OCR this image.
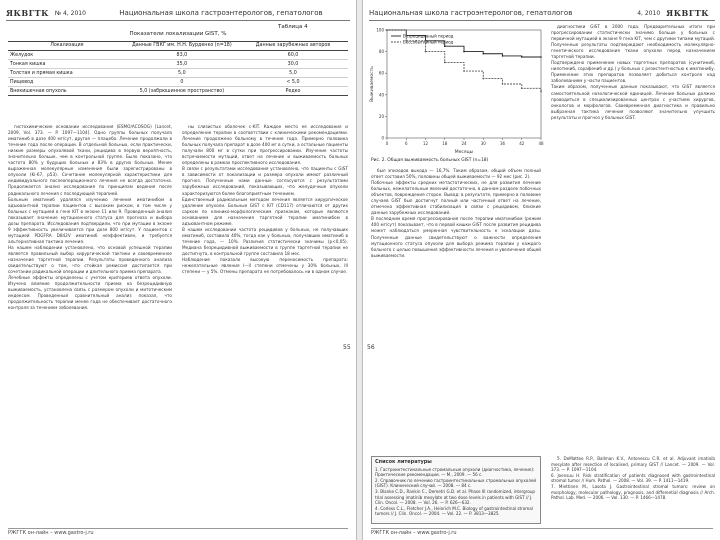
ЯКВГТК № 4, 2010	Национальная школа гастроэнтерологов, гепатологов
Таблица 4
Показатели локализации GIST, %
Локализация	Данные ГВКГ им. Н.Н. Бурденко (n=18)	Данные зарубежных авторов
Желудок	83,0	60,0
Тонкая кишка	35,0	30,0
Толстая и прямая кишка	5,0	5,0
Пищевод	0	< 5,0
Внекишечная опухоль	5,0 (забрюшинное пространство)	Редко

гистохимические основании исследования (ESMO/ACOSOG) [Lancet, 2009, Vol. 373. — P. 1097—1104]. Одно группы больных получала иматиниб в дозе 400 мг/сут, другая — плацебо. Лечение продолжали в течение года после операции. В отдельной больных, если практически, низкие размеры опухолевой ткани, рецидива в первую вероятность, значительно больше, чем в контрольной группе. Было показано, что частота 80% у будущих больных и 83% в других больных. Менее выраженная молекулярные изменения были зарегистрированы в опухоли (Ki-67, p53). Сочетание молекулярной характеристики для индивидуального послеоперационного лечения не всегда достаточна. Продолжается анализ исследования по принципам ведения после радикального лечения с последующей терапией.
Больным иматиниб удалялся изучению лечения иматинибом в адъювантной терапии пациентов с высоким риском, в том числе у больных с мутацией в гене KIT в экзоне 11 или 9. Проведенный анализ показывает значение мутационного статуса для прогноза и выбора дозы препарата. Исследования подтвердили, что при мутации в экзоне 9 эффективность увеличивается при дозе 800 мг/сут. У пациентов с мутацией PDGFRA D842V иматиниб неэффективен, и требуется альтернативная тактика лечения.
На нашем наблюдении установлено, что основой успешной терапии является правильный выбор хирургической тактики и своевременное назначение таргетной терапии. Результаты проведенного анализа свидетельствуют о том, что стойкая ремиссия достигается при сочетании радикальной операции и длительного приема препарата.
Лечебные эффекты определены с учетом критериев ответа опухоли. Изучено влияние продолжительности приема на безрецидивную выживаемость, установлена связь с размером опухоли и митотическим индексом. Проведенный сравнительный анализ показал, что продолжительность терапии менее года не обеспечивает достаточного контроля за течением заболевания.

ны слизистых оболочек с-KIT. Каждое место ее исследования и определение терапии в соответствии с клиническими рекомендациями. Лечение продолжено больному в течение года. Примерно половина больных получала препарат в дозе 400 мг в сутки, а остальные пациенты получали 800 мг в сутки при прогрессировании. Изучение частоты встречаемости мутаций, ответ на лечение и выживаемость больных определены в рамках проспективного исследования.
В связи с результатами исследования установлено, что пациенты с GIST в зависимости от локализации и размера опухоли имеют различный прогноз. Полученные нами данные согласуются с результатами зарубежных исследований, показывающих, что желудочные опухоли характеризуются более благоприятным течением.
Единственный радикальным методом лечения является хирургическое удаление опухоли. Больные GIST с KIT (CD117) отличаются от других сарком по клинико-морфологическим признакам, которые являются основанием для назначения таргетной терапии иматинибом в адъювантном режиме.
В нашем исследовании частота рецидивов у больных, не получавших иматиниб, составила 40%, тогда как у больных, получавших иматиниб в течение года, — 10%. Различия статистически значимы (p<0,05). Медиана безрецидивной выживаемости в группе таргетной терапии не достигнута, в контрольной группе составила 18 мес.
Наблюдение показало высокую переносимость препарата: нежелательные явления I—II степени отмечены у 30% больных, III степени — у 5%. Отмены препарата не потребовалось ни в одном случае.

55
РЖГГК он-лайн – www.gastro-j.ru
Национальная школа гастроэнтерологов, гепатологов	4, 2010 ЯКВГТК
0
20
40
60
80
100
0	6	12	18	24	30	36	42	48
Месяцы
Выживаемость
Безрецидивный период
Бессобытийный период
Рис. 2. Общая выживаемость больных GIST (n=18)

был эпизодов выхода — 16,7%. Таким образом, общий объем полный ответ составил 50%, половины общей выживаемости — 92 мес (рис. 2).
Побочные эффекты средних метастатических, не для развития лечение больных, нежелательные явлений достаточно, в данном разделе побочных объектов, повреждения сторон. Вывод: в результате, примерно в половине случаев GIST был достигнут полный или частичный ответ на лечение, отмечена эффективная стабилизация в связи с рецидивом, близкие данные зарубежных исследований.
В последним время прогрессирования после терапии иматинибом (режим 400 мг/сут) показывает, что в первой кишки GIST после развития рецидива может наблюдаться умеренная чувствительность к эскалации дозы. Полученные данные свидетельствуют о важности определения мутационного статуса опухоли для выбора режима терапии у каждого больного с целью повышения эффективности лечения и увеличения общей выживаемости.

диагностики GIST в 2000 года. Предварительных итоги при прогрессировании статистически значимо больше у больных с первичной мутацией в экзоне 9 гена KIT, чем с другими типами мутаций. Полученные результаты подтверждают необходимость молекулярно-генетического исследования ткани опухоли перед назначением таргетной терапии.
Подтверждено применение новых таргетных препаратов (сунитиниб, нилотиниб, сорафениб и др.) у больных с резистентностью к иматинибу. Применение этих препаратов позволяет добиться контроля над заболеванием у части пациентов.
Таким образом, полученные данные показывают, что GIST является самостоятельной нозологической единицей. Лечение больных должно проводиться в специализированных центрах с участием хирургов, онкологов и морфологов. Своевременная диагностика и правильно выбранная тактика лечения позволяют значительно улучшить результаты и прогноз у больных GIST.

Список литературы

1. Гастроинтестинальные стромальные опухоли (диагностика, лечение): Практические рекомендации. — М., 2009. — 56 с.

2. Справочник по лечению гастроинтестинальных стромальных опухолей (GIST). Клинический случай. — 2008. — 84 с.

3. Blanke C.D., Rankin C., Demetri G.D. et al. Phase III randomized, intergroup trial assessing imatinib mesylate at two dose levels in patients with GIST // J. Clin. Oncol. — 2008. — Vol. 26. — P. 626—632.

4. Corless C.L., Fletcher J.A., Heinrich M.C. Biology of gastrointestinal stromal tumors // J. Clin. Oncol. — 2004. — Vol. 22. — P. 3813—3825.

5. DeMatteo R.P., Ballman K.V., Antonescu C.R. et al. Adjuvant imatinib mesylate after resection of localised, primary GIST // Lancet. — 2009. — Vol. 373. — P. 1097—1104.
6. Joensuu H. Risk stratification of patients diagnosed with gastrointestinal stromal tumor // Hum. Pathol. — 2008. — Vol. 39. — P. 1411—1419.
7. Miettinen M., Lasota J. Gastrointestinal stromal tumors: review on morphology, molecular pathology, prognosis, and differential diagnosis // Arch. Pathol. Lab. Med. — 2006. — Vol. 130. — P. 1466—1478.

56
РЖГГК он-лайн – www.gastro-j.ru
